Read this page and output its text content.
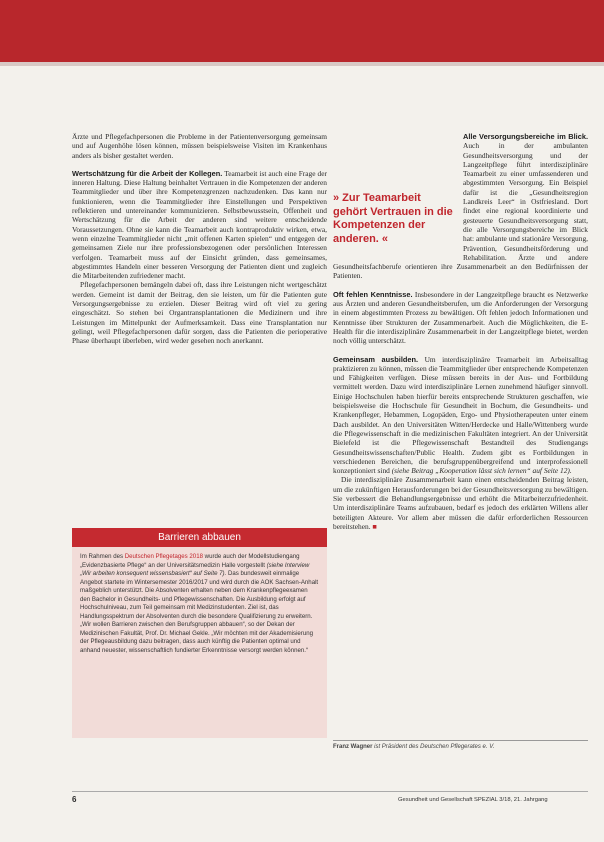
Ärzte und Pflegefachpersonen die Probleme in der Patientenversorgung gemeinsam und auf Augenhöhe lösen können, müssen beispielsweise Visiten im Krankenhaus anders als bisher gestaltet werden.

Wertschätzung für die Arbeit der Kollegen. Teamarbeit ist auch eine Frage der inneren Haltung. Diese Haltung beinhaltet Vertrauen in die Kompetenzen der anderen Teammitglieder und über ihre Kompetenzgrenzen nachzudenken. Das kann nur funktionieren, wenn die Teammitglieder ihre Einstellungen und Perspektiven reflektieren und untereinander kommunizieren. Selbstbewusstsein, Offenheit und Wertschätzung für die Arbeit der anderen sind weitere entscheidende Voraussetzungen. Ohne sie kann die Teamarbeit auch kontraproduktiv wirken, etwa, wenn einzelne Teammitglieder nicht „mit offenen Karten spielen“ und entgegen der gemeinsamen Ziele nur ihre professionsbezogenen oder persönlichen Interessen verfolgen. Teamarbeit muss auf der Einsicht gründen, dass gemeinsames, abgestimmtes Handeln einer besseren Versorgung der Patienten dient und zugleich die Mitarbeitenden zufriedener macht.

Pflegefachpersonen bemängeln dabei oft, dass ihre Leistungen nicht wertgeschätzt werden. Gemeint ist damit der Beitrag, den sie leisten, um für die Patienten gute Versorgungsergebnisse zu erzielen. Dieser Beitrag wird oft viel zu gering eingeschätzt. So stehen bei Organtransplantationen die Medizinern und ihre Leistungen im Mittelpunkt der Aufmerksamkeit. Dass eine Transplantation nur gelingt, weil Pflegefachpersonen dafür sorgen, dass die Patienten die perioperative Phase überhaupt überleben, wird weder gesehen noch anerkannt.

Barrieren abbauen
Im Rahmen des Deutschen Pflegetages 2018 wurde auch der Modellstudiengang „Evidenzbasierte Pflege“ an der Universitätsmedizin Halle vorgestellt (siehe Interview „Wir arbeiten konsequent wissensbasiert“ auf Seite 7). Das bundesweit einmalige Angebot startete im Wintersemester 2016/2017 und wird durch die AOK Sachsen-Anhalt maßgeblich unterstützt. Die Absolventen erhalten neben dem Krankenpflegeexamen den Bachelor in Gesundheits- und Pflegewissenschaften. Die Ausbildung erfolgt auf Hochschulniveau, zum Teil gemeinsam mit Medizinstudenten. Ziel ist, das Handlungsspektrum der Absolventen durch die besondere Qualifizierung zu erweitern. „Wir wollen Barrieren zwischen den Berufsgruppen abbauen“, so der Dekan der Medizinischen Fakultät, Prof. Dr. Michael Gekle. „Wir möchten mit der Akademisierung der Pflegeausbildung dazu beitragen, dass auch künftig die Patienten optimal und anhand neuester, wissenschaftlich fundierter Erkenntnisse versorgt werden können.“

Alle Versorgungsbereiche im Blick.
» Zur Teamarbeit gehört Vertrauen in die Kompetenzen der anderen. «
Auch in der ambulanten Gesundheitsversorgung und der Langzeitpflege führt interdisziplinäre Teamarbeit zu einer umfassenderen und abgestimmten Versorgung. Ein Beispiel dafür ist die „Gesundheitsregion Landkreis Leer“ in Ostfriesland. Dort findet eine regional koordinierte und gesteuerte Gesundheitsversorgung statt, die alle Versorgungsbereiche im Blick hat: ambulante und stationäre Versorgung, Prävention, Gesundheitsförderung und Rehabilitation. Ärzte und andere Gesundheitsfachberufe orientieren ihre Zusammenarbeit an den Bedürfnissen der Patienten.

Oft fehlen Kenntnisse. Insbesondere in der Langzeitpflege braucht es Netzwerke aus Ärzten und anderen Gesundheitsberufen, um die Anforderungen der Versorgung in einem abgestimmten Prozess zu bewältigen. Oft fehlen jedoch Informationen und Kenntnisse über Strukturen der Zusammenarbeit. Auch die Möglichkeiten, die E-Health für die interdisziplinäre Zusammenarbeit in der Langzeitpflege bietet, werden noch völlig unterschätzt.

Gemeinsam ausbilden. Um interdisziplinäre Teamarbeit im Arbeitsalltag praktizieren zu können, müssen die Teammitglieder über entsprechende Kompetenzen und Fähigkeiten verfügen. Diese müssen bereits in der Aus- und Fortbildung vermittelt werden. Dazu wird interdisziplinäre Lernen zunehmend häufiger sinnvoll. Einige Hochschulen haben hierfür bereits entsprechende Strukturen geschaffen, wie beispielsweise die Hochschule für Gesundheit in Bochum, die Gesundheits- und Krankenpfleger, Hebammen, Logopäden, Ergo- und Physiotherapeuten unter einem Dach ausbildet. An den Universitäten Witten/Herdecke und Halle/Wittenberg wurde die Pflegewissenschaft in die medizinischen Fakultäten integriert. An der Universität Bielefeld ist die Pflegewissenschaft Bestandteil des Studiengangs Gesundheitswissenschaften/Public Health. Zudem gibt es Fortbildungen in verschiedenen Bereichen, die berufsgruppenübergreifend und interprofessionell konzeptioniert sind (siehe Beitrag „Kooperation lässt sich lernen“ auf Seite 12).

Die interdisziplinäre Zusammenarbeit kann einen entscheidenden Beitrag leisten, um die zukünftigen Herausforderungen bei der Gesundheitsversorgung zu bewältigen. Sie verbessert die Behandlungsergebnisse und erhöht die Mitarbeiterzufriedenheit. Um interdisziplinäre Teams aufzubauen, bedarf es jedoch des erklärten Willens aller beteiligten Akteure. Vor allem aber müssen die dafür erforderlichen Ressourcen bereitstehen. ■

Franz Wagner ist Präsident des Deutschen Pflegerates e. V.
6	Gesundheit und Gesellschaft SPEZIAL 3/18, 21. Jahrgang
